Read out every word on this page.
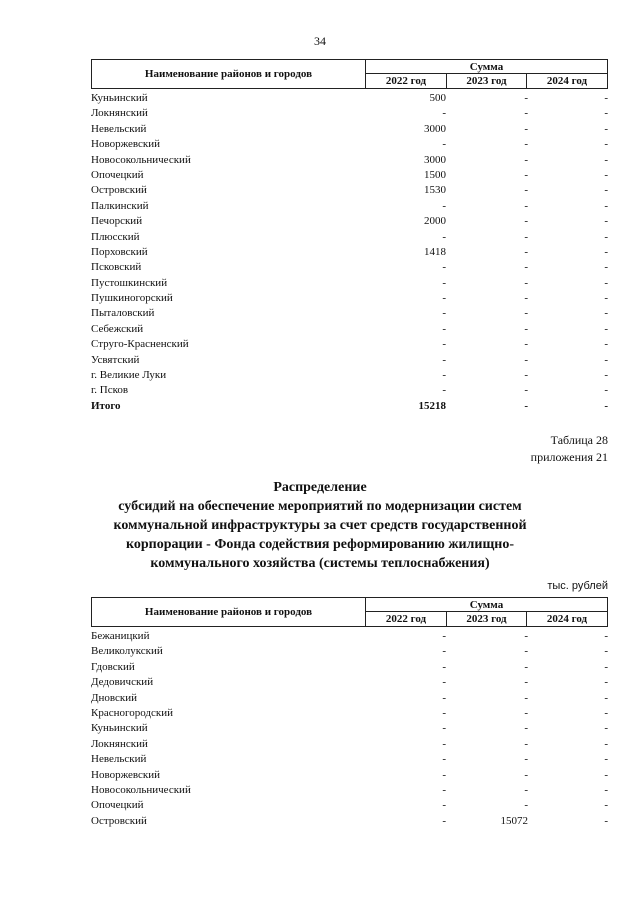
34
Наименование районов и городов
Сумма
2022 год	2023 год	2024 год
Куньинский	500	-	-
Локнянский	-	-	-
Невельский	3000	-	-
Новоржевский	-	-	-
Новосокольнический	3000	-	-
Опочецкий	1500	-	-
Островский	1530	-	-
Палкинский	-	-	-
Печорский	2000	-	-
Плюсский	-	-	-
Порховский	1418	-	-
Псковский	-	-	-
Пустошкинский	-	-	-
Пушкиногорский	-	-	-
Пыталовский	-	-	-
Себежский	-	-	-
Струго-Красненский	-	-	-
Усвятский	-	-	-
г. Великие Луки	-	-	-
г. Псков	-	-	-
Итого	15218	-	-
Таблица 28
приложения 21
Распределение
субсидий на обеспечение мероприятий по модернизации систем
коммунальной инфраструктуры за счет средств государственной
корпорации - Фонда содействия реформированию жилищно-
коммунального хозяйства (системы теплоснабжения)
тыс. рублей
Наименование районов и городов
Сумма
2022 год	2023 год	2024 год
Бежаницкий	-	-	-
Великолукский	-	-	-
Гдовский	-	-	-
Дедовичский	-	-	-
Дновский	-	-	-
Красногородский	-	-	-
Куньинский	-	-	-
Локнянский	-	-	-
Невельский	-	-	-
Новоржевский	-	-	-
Новосокольнический	-	-	-
Опочецкий	-	-	-
Островский	-	15072	-
